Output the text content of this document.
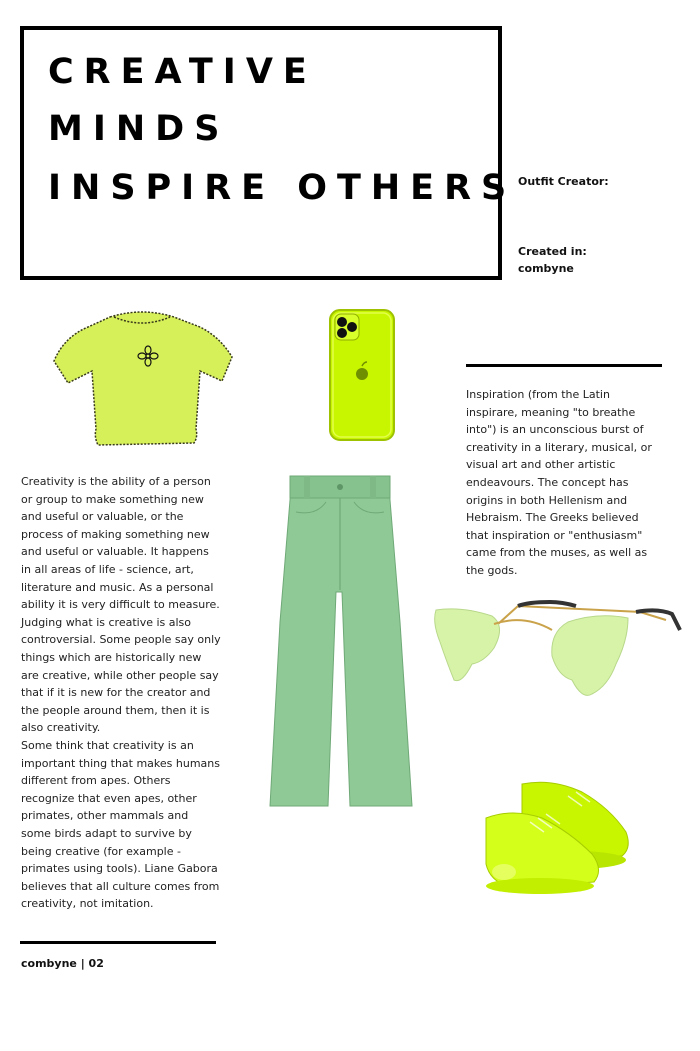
CREATIVE
MINDS
INSPIRE OTHERS Outfit Creator:
Created in:
combyne

Inspiration (from the Latin inspirare, meaning "to breathe into") is an unconscious burst of creativity in a literary, musical, or visual art and other artistic endeavours. The concept has origins in both Hellenism and Hebraism. The Greeks believed that inspiration or "enthusiasm" came from the muses, as well as the gods.

Creativity is the ability of a person or group to make something new and useful or valuable, or the process of making something new and useful or valuable. It happens in all areas of life - science, art, literature and music. As a personal ability it is very difficult to measure. Judging what is creative is also controversial. Some people say only things which are historically new are creative, while other people say that if it is new for the creator and the people around them, then it is also creativity.

Some think that creativity is an important thing that makes humans different from apes. Others recognize that even apes, other primates, other mammals and some birds adapt to survive by being creative (for example - primates using tools). Liane Gabora believes that all culture comes from creativity, not imitation.

combyne | 02
